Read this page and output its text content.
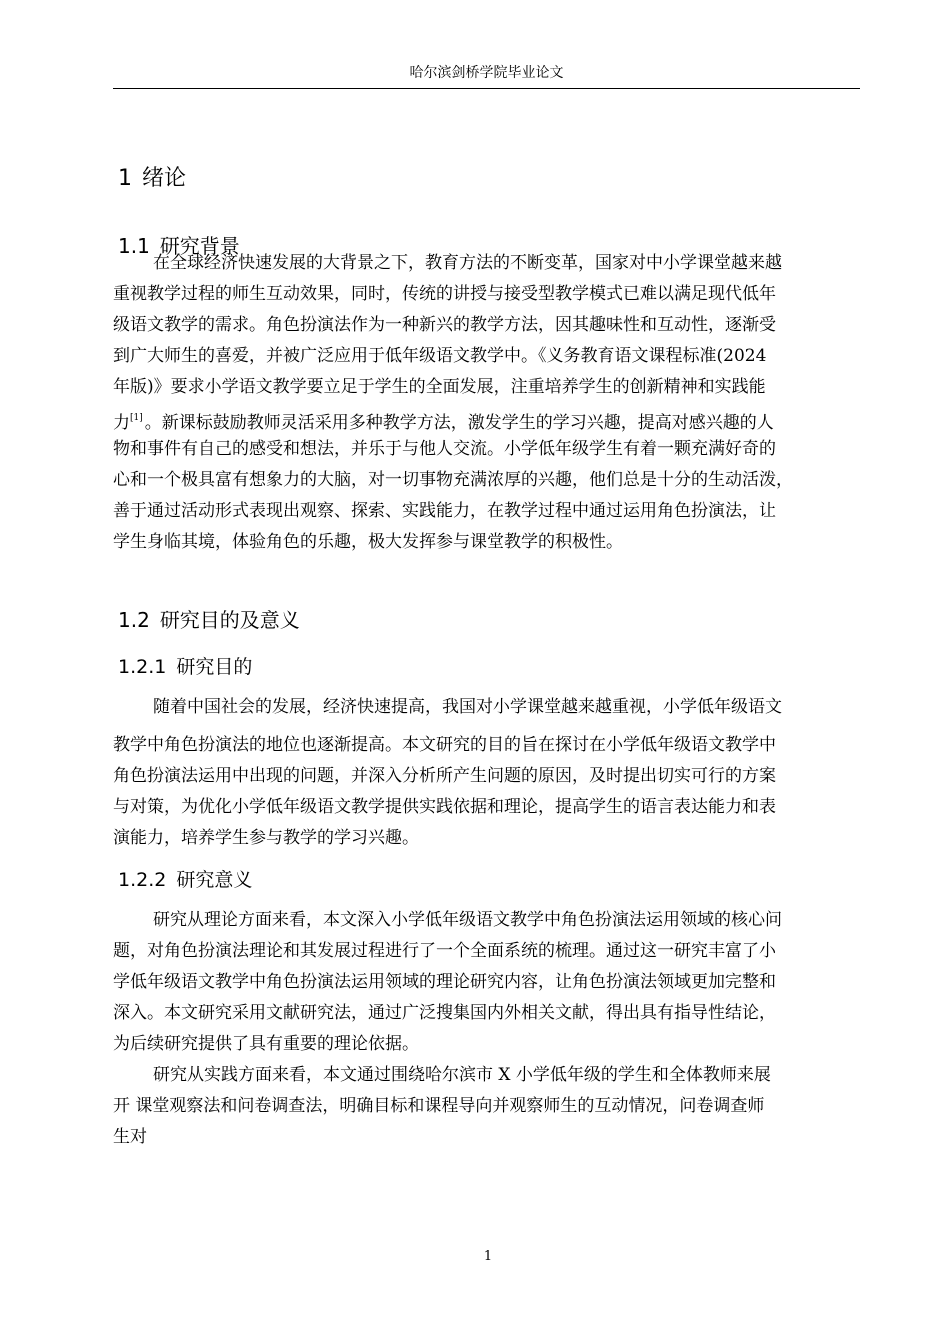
哈尔滨剑桥学院毕业论文
1 绪论
1.1 研究背景
在全球经济快速发展的大背景之下，教育方法的不断变革，国家对中小学课堂越来越
重视教学过程的师生互动效果，同时，传统的讲授与接受型教学模式已难以满足现代低年
级语文教学的需求。角色扮演法作为一种新兴的教学方法，因其趣味性和互动性，逐渐受
到广大师生的喜爱，并被广泛应用于低年级语文教学中。《义务教育语文课程标准(2024
年版)》要求小学语文教学要立足于学生的全面发展，注重培养学生的创新精神和实践能
力[1] 。新课标鼓励教师灵活采用多种教学方法，激发学生的学习兴趣，提高对感兴趣的人
物和事件有自己的感受和想法，并乐于与他人交流。小学低年级学生有着一颗充满好奇的
心和一个极具富有想象力的大脑，对一切事物充满浓厚的兴趣，他们总是十分的生动活泼，
善于通过活动形式表现出观察、探索、实践能力，在教学过程中通过运用角色扮演法，让
学生身临其境，体验角色的乐趣，极大发挥参与课堂教学的积极性。
1.2 研究目的及意义
1.2.1 研究目的
随着中国社会的发展，经济快速提高，我国对小学课堂越来越重视，小学低年级语文
教学中角色扮演法的地位也逐渐提高。本文研究的目的旨在探讨在小学低年级语文教学中
角色扮演法运用中出现的问题，并深入分析所产生问题的原因，及时提出切实可行的方案
与对策，为优化小学低年级语文教学提供实践依据和理论，提高学生的语言表达能力和表
演能力，培养学生参与教学的学习兴趣。
1.2.2 研究意义
研究从理论方面来看，本文深入小学低年级语文教学中角色扮演法运用领域的核心问
题，对角色扮演法理论和其发展过程进行了一个全面系统的梳理。通过这一研究丰富了小
学低年级语文教学中角色扮演法运用领域的理论研究内容，让角色扮演法领域更加完整和
深入。本文研究采用文献研究法，通过广泛搜集国内外相关文献，得出具有指导性结论，
为后续研究提供了具有重要的理论依据。
研究从实践方面来看，本文通过围绕哈尔滨市 X 小学低年级的学生和全体教师来展
开 课堂观察法和问卷调查法，明确目标和课程导向并观察师生的互动情况，问卷调查师
生对
1
